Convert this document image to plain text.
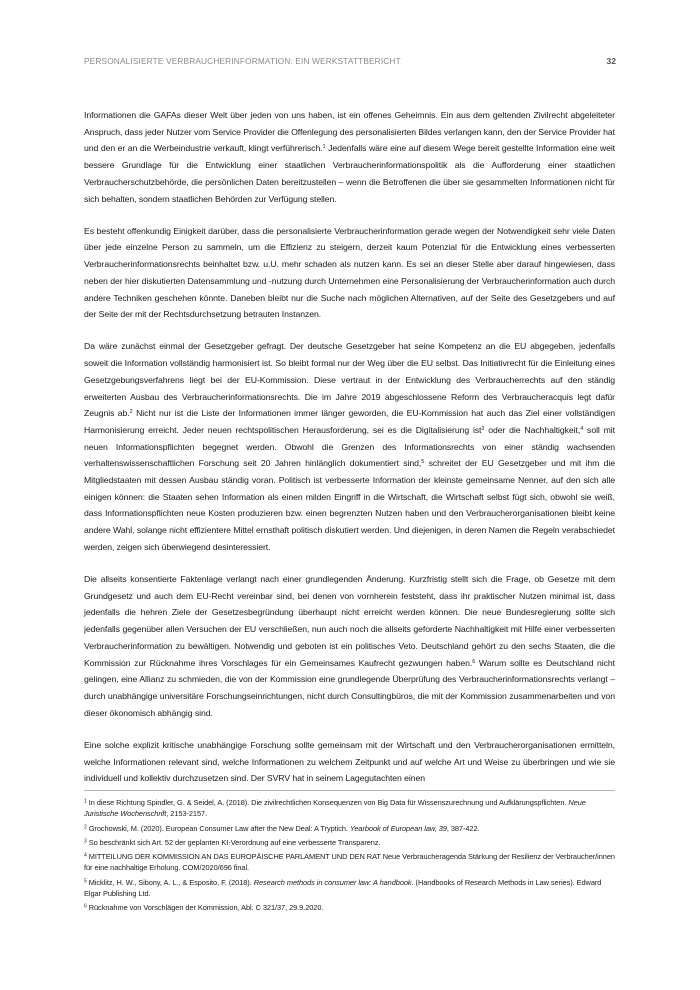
PERSONALISIERTE VERBRAUCHERINFORMATION: EIN WERKSTATTBERICHT	32

Informationen die GAFAs dieser Welt über jeden von uns haben, ist ein offenes Geheimnis. Ein aus dem geltenden Zivilrecht abgeleiteter Anspruch, dass jeder Nutzer vom Service Provider die Offenlegung des personalisierten Bildes verlangen kann, den der Service Provider hat und den er an die Werbeindustrie verkauft, klingt verführerisch.$^1$ Jedenfalls wäre eine auf diesem Wege bereit gestellte Information eine weit bessere Grundlage für die Entwicklung einer staatlichen Verbraucherinformationspolitik als die Aufforderung einer staatlichen Verbraucherschutzbehörde, die persönlichen Daten bereitzustellen – wenn die Betroffenen die über sie gesammelten Informationen nicht für sich behalten, sondern staatlichen Behörden zur Verfügung stellen.

Es besteht offenkundig Einigkeit darüber, dass die personalisierte Verbraucherinformation gerade wegen der Notwendigkeit sehr viele Daten über jede einzelne Person zu sammeln, um die Effizienz zu steigern, derzeit kaum Potenzial für die Entwicklung eines verbesserten Verbraucherinformationsrechts beinhaltet bzw. u.U. mehr schaden als nutzen kann. Es sei an dieser Stelle aber darauf hingewiesen, dass neben der hier diskutierten Datensammlung und -nutzung durch Unternehmen eine Personalisierung der Verbraucherinformation auch durch andere Techniken geschehen könnte. Daneben bleibt nur die Suche nach möglichen Alternativen, auf der Seite des Gesetzgebers und auf der Seite der mit der Rechtsdurchsetzung betrauten Instanzen.

Da wäre zunächst einmal der Gesetzgeber gefragt. Der deutsche Gesetzgeber hat seine Kompetenz an die EU abgegeben, jedenfalls soweit die Information vollständig harmonisiert ist. So bleibt formal nur der Weg über die EU selbst. Das Initiativrecht für die Einleitung eines Gesetzgebungsverfahrens liegt bei der EU-Kommission. Diese vertraut in der Entwicklung des Verbraucherrechts auf den ständig erweiterten Ausbau des Verbraucherinformationsrechts. Die im Jahre 2019 abgeschlossene Reform des Verbraucheracquis legt dafür Zeugnis ab.$^2$ Nicht nur ist die Liste der Informationen immer länger geworden, die EU-Kommission hat auch das Ziel einer vollständigen Harmonisierung erreicht. Jeder neuen rechtspolitischen Herausforderung, sei es die Digitalisierung ist$^3$ oder die Nachhaltigkeit,$^4$ soll mit neuen Informationspflichten begegnet werden. Obwohl die Grenzen des Informationsrechts von einer ständig wachsenden verhaltenswissenschaftlichen Forschung seit 20 Jahren hinlänglich dokumentiert sind,$^5$ schreitet der EU Gesetzgeber und mit ihm die Mitgliedstaaten mit dessen Ausbau ständig voran. Politisch ist verbesserte Information der kleinste gemeinsame Nenner, auf den sich alle einigen können: die Staaten sehen Information als einen milden Eingriff in die Wirtschaft, die Wirtschaft selbst fügt sich, obwohl sie weiß, dass Informationspflichten neue Kosten produzieren bzw. einen begrenzten Nutzen haben und den Verbraucherorganisationen bleibt keine andere Wahl, solange nicht effizientere Mittel ernsthaft politisch diskutiert werden. Und diejenigen, in deren Namen die Regeln verabschiedet werden, zeigen sich überwiegend desinteressiert.

Die allseits konsentierte Faktenlage verlangt nach einer grundlegenden Änderung. Kurzfristig stellt sich die Frage, ob Gesetze mit dem Grundgesetz und auch dem EU-Recht vereinbar sind, bei denen von vornherein feststeht, dass ihr praktischer Nutzen minimal ist, dass jedenfalls die hehren Ziele der Gesetzesbegründung überhaupt nicht erreicht werden können. Die neue Bundesregierung sollte sich jedenfalls gegenüber allen Versuchen der EU verschließen, nun auch noch die allseits geforderte Nachhaltigkeit mit Hilfe einer verbesserten Verbraucherinformation zu bewältigen. Notwendig und geboten ist ein politisches Veto. Deutschland gehört zu den sechs Staaten, die die Kommission zur Rücknahme ihres Vorschlages für ein Gemeinsames Kaufrecht gezwungen haben.$^6$ Warum sollte es Deutschland nicht gelingen, eine Allianz zu schmieden, die von der Kommission eine grundlegende Überprüfung des Verbraucherinformationsrechts verlangt – durch unabhängige universitäre Forschungseinrichtungen, nicht durch Consultingbüros, die mit der Kommission zusammenarbeiten und von dieser ökonomisch abhängig sind.

Eine solche explizit kritische unabhängige Forschung sollte gemeinsam mit der Wirtschaft und den Verbraucherorganisationen ermitteln, welche Informationen relevant sind, welche Informationen zu welchem Zeitpunkt und auf welche Art und Weise zu überbringen und wie sie individuell und kollektiv durchzusetzen sind. Der SVRV hat in seinem Lagegutachten einen

$^1$ In diese Richtung Spindler, G. & Seidel, A. (2018). Die zivilrechtlichen Konsequenzen von Big Data für Wissenszurechnung und Aufklärungspflichten. Neue Juristische Wochenschrift, 2153-2157.

$^2$ Grochowski, M. (2020). European Consumer Law after the New Deal: A Tryptich. Yearbook of European law, 39, 387-422.

$^3$ So beschränkt sich Art. 52 der geplanten KI-Verordnung auf eine verbesserte Transparenz.

$^4$ MITTEILUNG DER KOMMISSION AN DAS EUROPÄISCHE PARLAMENT UND DEN RAT Neue Verbraucheragenda Stärkung der Resilienz der Verbraucher/innen für eine nachhaltige Erholung. COM/2020/696 final.

$^5$ Micklitz, H. W., Sibony, A. L., & Esposito, F. (2018). Research methods in consumer law: A handbook. (Handbooks of Research Methods in Law series). Edward Elgar Publishing Ltd.

$^6$ Rücknahme von Vorschlägen der Kommission, Abl. C 321/37, 29.9.2020.
